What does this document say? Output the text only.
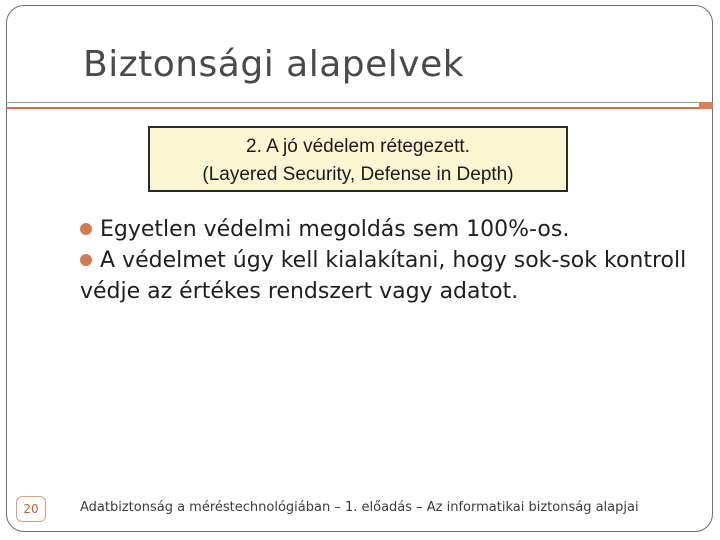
Biztonsági alapelvek
2. A jó védelem rétegezett.
(Layered Security, Defense in Depth)
Egyetlen védelmi megoldás sem 100%-os.
A védelmet úgy kell kialakítani, hogy sok-sok kontroll védje az értékes rendszert vagy adatot.
20	Adatbiztonság a méréstechnológiában – 1. előadás – Az informatikai biztonság alapjai
